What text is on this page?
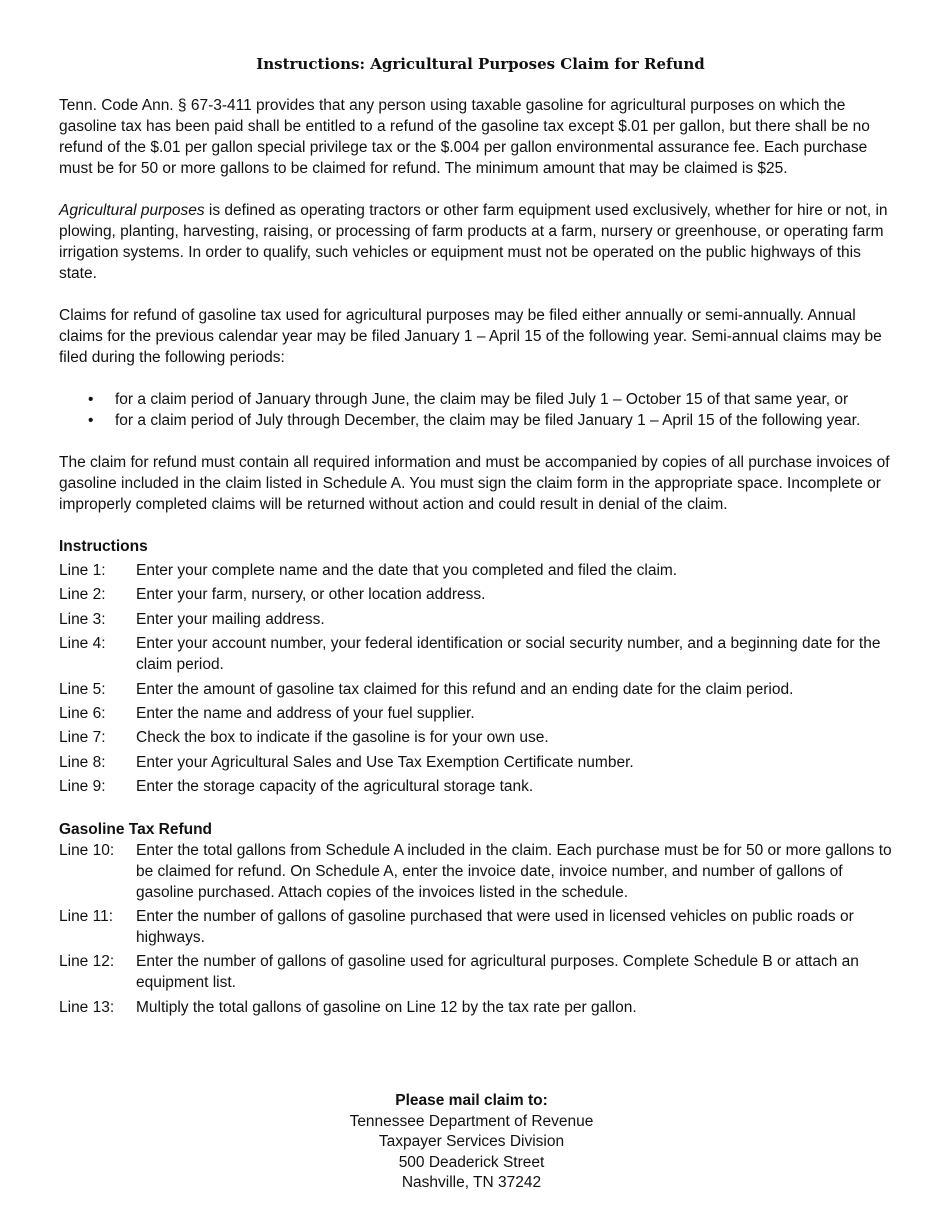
Instructions: Agricultural Purposes Claim for Refund

Tenn. Code Ann. § 67-3-411 provides that any person using taxable gasoline for agricultural purposes on which the gasoline tax has been paid shall be entitled to a refund of the gasoline tax except $.01 per gallon, but there shall be no refund of the $.01 per gallon special privilege tax or the $.004 per gallon environmental assurance fee. Each purchase must be for 50 or more gallons to be claimed for refund. The minimum amount that may be claimed is $25.

Agricultural purposes is defined as operating tractors or other farm equipment used exclusively, whether for hire or not, in plowing, planting, harvesting, raising, or processing of farm products at a farm, nursery or greenhouse, or operating farm irrigation systems. In order to qualify, such vehicles or equipment must not be operated on the public highways of this state.

Claims for refund of gasoline tax used for agricultural purposes may be filed either annually or semi-annually. Annual claims for the previous calendar year may be filed January 1 – April 15 of the following year. Semi-annual claims may be filed during the following periods:

• for a claim period of January through June, the claim may be filed July 1 – October 15 of that same year, or
• for a claim period of July through December, the claim may be filed January 1 – April 15 of the following year.

The claim for refund must contain all required information and must be accompanied by copies of all purchase invoices of gasoline included in the claim listed in Schedule A. You must sign the claim form in the appropriate space. Incomplete or improperly completed claims will be returned without action and could result in denial of the claim.

Instructions
Line 1:	Enter your complete name and the date that you completed and filed the claim.
Line 2:	Enter your farm, nursery, or other location address.
Line 3:	Enter your mailing address.
Line 4:	Enter your account number, your federal identification or social security number, and a beginning date for the claim period.
Line 5:	Enter the amount of gasoline tax claimed for this refund and an ending date for the claim period.
Line 6:	Enter the name and address of your fuel supplier.
Line 7:	Check the box to indicate if the gasoline is for your own use.
Line 8:	Enter your Agricultural Sales and Use Tax Exemption Certificate number.
Line 9:	Enter the storage capacity of the agricultural storage tank.
Gasoline Tax Refund
Line 10:	Enter the total gallons from Schedule A included in the claim. Each purchase must be for 50 or more gallons to be claimed for refund. On Schedule A, enter the invoice date, invoice number, and number of gallons of gasoline purchased. Attach copies of the invoices listed in the schedule.
Line 11:	Enter the number of gallons of gasoline purchased that were used in licensed vehicles on public roads or highways.
Line 12:	Enter the number of gallons of gasoline used for agricultural purposes. Complete Schedule B or attach an equipment list.
Line 13:	Multiply the total gallons of gasoline on Line 12 by the tax rate per gallon.
Please mail claim to:
Tennessee Department of Revenue
Taxpayer Services Division
500 Deaderick Street
Nashville, TN 37242
